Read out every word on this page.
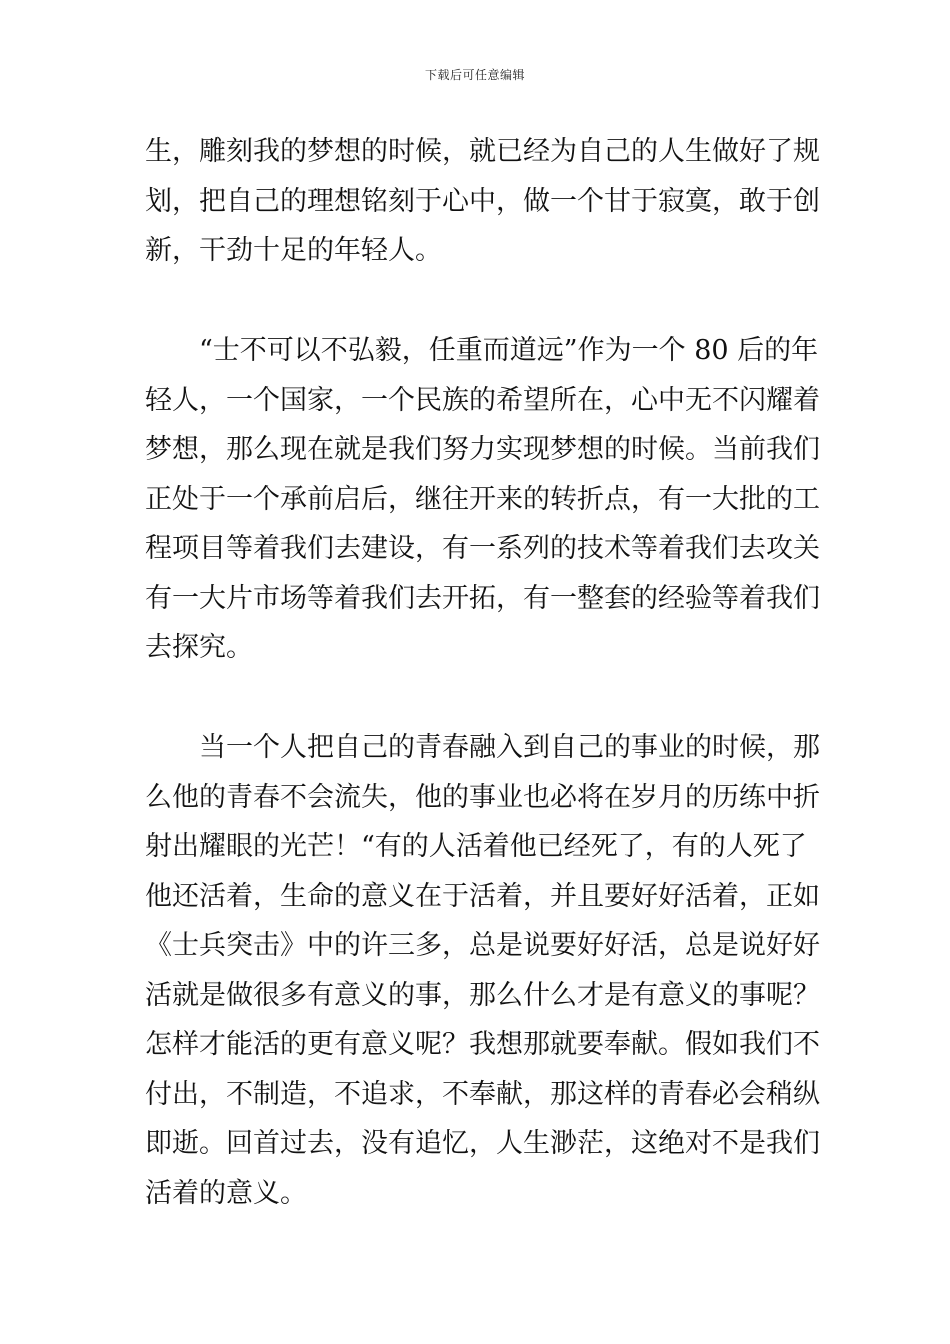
下载后可任意编辑
生，雕刻我的梦想的时候，就已经为自己的人生做好了规
划，把自己的理想铭刻于心中，做一个甘于寂寞，敢于创
新，干劲十足的年轻人。
“士不可以不弘毅，任重而道远”作为一个 80 后的年
轻人，一个国家，一个民族的希望所在，心中无不闪耀着
梦想，那么现在就是我们努力实现梦想的时候。当前我们
正处于一个承前启后，继往开来的转折点，有一大批的工
程项目等着我们去建设，有一系列的技术等着我们去攻关
有一大片市场等着我们去开拓，有一整套的经验等着我们
去探究。
当一个人把自己的青春融入到自己的事业的时候，那
么他的青春不会流失，他的事业也必将在岁月的历练中折
射出耀眼的光芒！“有的人活着他已经死了，有的人死了
他还活着，生命的意义在于活着，并且要好好活着，正如
《士兵突击》中的许三多，总是说要好好活，总是说好好
活就是做很多有意义的事，那么什么才是有意义的事呢？
怎样才能活的更有意义呢？我想那就要奉献。假如我们不
付出，不制造，不追求，不奉献，那这样的青春必会稍纵
即逝。回首过去，没有追忆，人生渺茫，这绝对不是我们
活着的意义。
